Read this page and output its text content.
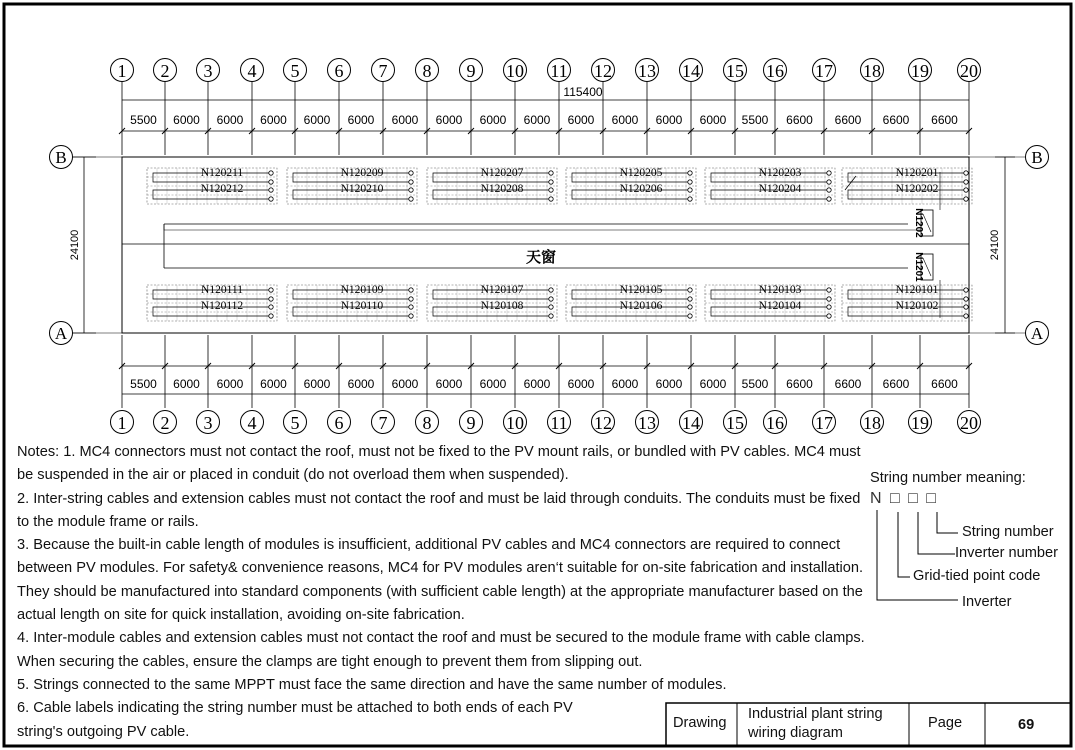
1
1
2
2
3
3
4
4
5
5
6
6
7
7
8
8
9
9
10
10
11
11
12
12
13
13
14
14
15
15
16
16
17
17
18
18
19
19
20
20
天窗
B	B
A	A
24100	24100
115400
5500
5500
6000
6000
6000
6000
6000
6000
6000
6000
6000
6000
6000
6000
6000
6000
6000
6000
6000
6000
6000
6000
6000
6000
6000
6000
6000
6000
5500
5500
6600
6600
6600
6600
6600
6600
6600
6600
N120211
N120212
N120111
N120112
N120209
N120210
N120109
N120110
N120207
N120208
N120107
N120108
N120205
N120206
N120105
N120106
N120203
N120204
N120103
N120104
N120201
N120202
N120101
N120102
N1202
N1201

Notes: 1. MC4 connectors must not contact the roof, must not be fixed to the PV mount rails, or bundled with PV cables. MC4 must be suspended in the air or placed in conduit (do not overload them when suspended).

2. Inter-string cables and extension cables must not contact the roof and must be laid through conduits. The conduits must be fixed to the module frame or rails.

3. Because the built-in cable length of modules is insufficient, additional PV cables and MC4 connectors are required to connect between PV modules. For safety& convenience reasons, MC4 for PV modules aren‘t suitable for on-site fabrication and installation. They should be manufactured into standard components (with sufficient cable length) at the appropriate manufacturer based on the actual length on site for quick installation, avoiding on-site fabrication.

4. Inter-module cables and extension cables must not contact the roof and must be secured to the module frame with cable clamps. When securing the cables, ensure the clamps are tight enough to prevent them from slipping out.

5. Strings connected to the same MPPT must face the same direction and have the same number of modules.

6. Cable labels indicating the string number must be attached to both ends of each PV string's outgoing PV cable.

String number meaning:
N □ □ □
String number
Inverter number
Grid-tied point code
Inverter
Drawing
Industrial plant string wiring diagram
Page	69
